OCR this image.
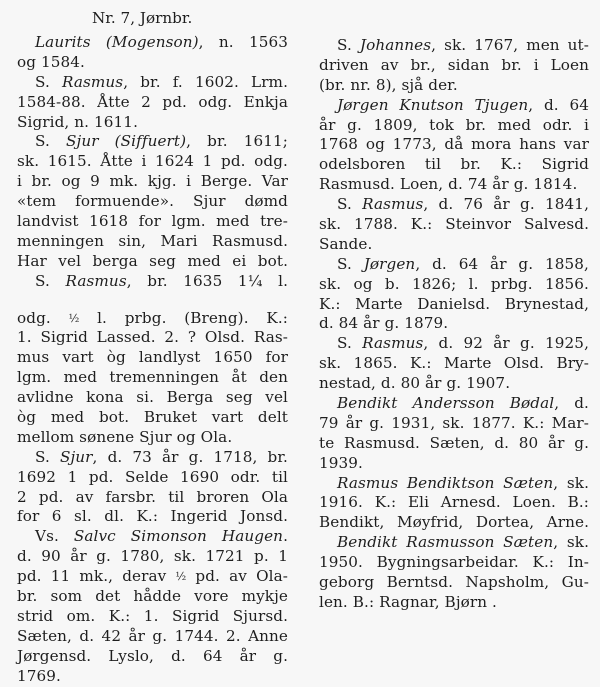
Nr. 7, Jørnbr.
Laurits (Mogenson), n. 1563
og 1584.
S. Rasmus, br. f. 1602. Lrm.
1584-88. Åtte 2 pd. odg. Enkja
Sigrid, n. 1611.
S. Sjur (Siffuert), br. 1611;
sk. 1615. Åtte i 1624 1 pd. odg.
i br. og 9 mk. kjg. i Berge. Var
«tem formuende». Sjur dømd
landvist 1618 for lgm. med tre-
menningen sin, Mari Rasmusd.
Har vel berga seg med ei bot.
S. Rasmus, br. 1635 1¼ l.
odg. ½ l. prbg. (Breng). K.:
1. Sigrid Lassed. 2. ? Olsd. Ras-
mus vart òg landlyst 1650 for
lgm. med tremenningen åt den
avlidne kona si. Berga seg vel
òg med bot. Bruket vart delt
mellom sønene Sjur og Ola.
S. Sjur, d. 73 år g. 1718, br.
1692 1 pd. Selde 1690 odr. til
2 pd. av farsbr. til broren Ola
for 6 sl. dl. K.: Ingerid Jonsd.
Vs. Salvc Simonson Haugen.
d. 90 år g. 1780, sk. 1721 p. 1
pd. 11 mk., derav ½ pd. av Ola-
br. som det hådde vore mykje
strid om. K.: 1. Sigrid Sjursd.
Sæten, d. 42 år g. 1744. 2. Anne
Jørgensd. Lyslo, d. 64 år g.
1769.
S. Johannes, sk. 1767, men ut-
driven av br., sidan br. i Loen
(br. nr. 8), sjå der.
Jørgen Knutson Tjugen, d. 64
år g. 1809, tok br. med odr. i
1768 og 1773, då mora hans var
odelsboren til br. K.: Sigrid
Rasmusd. Loen, d. 74 år g. 1814.
S. Rasmus, d. 76 år g. 1841,
sk. 1788. K.: Steinvor Salvesd.
Sande.
S. Jørgen, d. 64 år g. 1858,
sk. og b. 1826; l. prbg. 1856.
K.: Marte Danielsd. Brynestad,
d. 84 år g. 1879.
S. Rasmus, d. 92 år g. 1925,
sk. 1865. K.: Marte Olsd. Bry-
nestad, d. 80 år g. 1907.
Bendikt Andersson Bødal, d.
79 år g. 1931, sk. 1877. K.: Mar-
te Rasmusd. Sæten, d. 80 år g.
1939.
Rasmus Bendiktson Sæten, sk.
1916. K.: Eli Arnesd. Loen. B.:
Bendikt, Møyfrid, Dortea, Arne.
Bendikt Rasmusson Sæten, sk.
1950. Bygningsarbeidar. K.: In-
geborg Berntsd. Napsholm, Gu-
len. B.: Ragnar, Bjørn .
